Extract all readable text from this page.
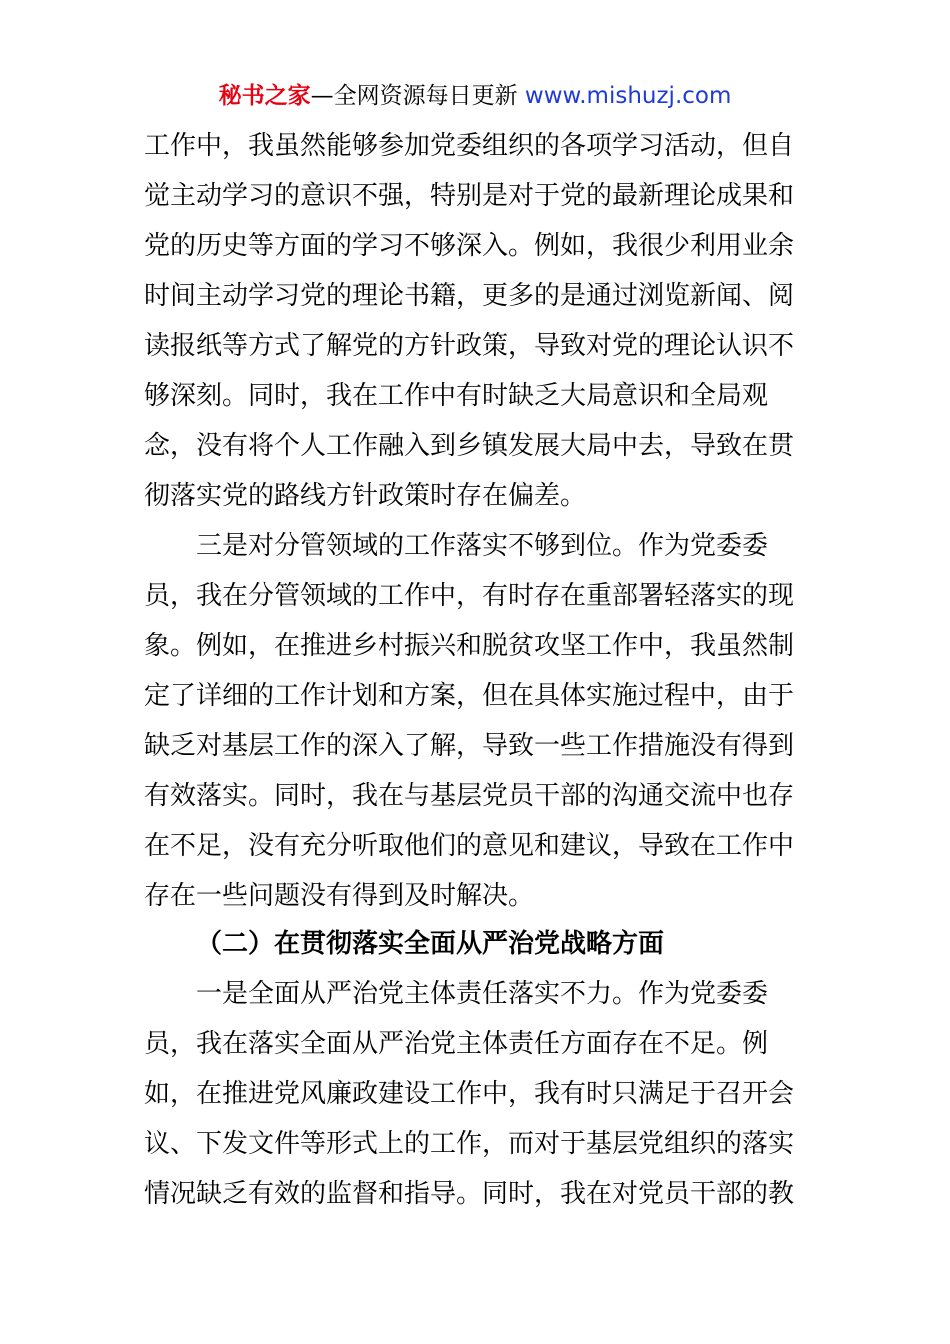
秘书之家—全网资源每日更新 www.mishuzj.com
工作中，我虽然能够参加党委组织的各项学习活动，但自
觉主动学习的意识不强，特别是对于党的最新理论成果和
党的历史等方面的学习不够深入。例如，我很少利用业余
时间主动学习党的理论书籍，更多的是通过浏览新闻、阅
读报纸等方式了解党的方针政策，导致对党的理论认识不
够深刻。同时，我在工作中有时缺乏大局意识和全局观
念，没有将个人工作融入到乡镇发展大局中去，导致在贯
彻落实党的路线方针政策时存在偏差。
三是对分管领域的工作落实不够到位。作为党委委
员，我在分管领域的工作中，有时存在重部署轻落实的现
象。例如，在推进乡村振兴和脱贫攻坚工作中，我虽然制
定了详细的工作计划和方案，但在具体实施过程中，由于
缺乏对基层工作的深入了解，导致一些工作措施没有得到
有效落实。同时，我在与基层党员干部的沟通交流中也存
在不足，没有充分听取他们的意见和建议，导致在工作中
存在一些问题没有得到及时解决。
（二）在贯彻落实全面从严治党战略方面
一是全面从严治党主体责任落实不力。作为党委委
员，我在落实全面从严治党主体责任方面存在不足。例
如，在推进党风廉政建设工作中，我有时只满足于召开会
议、下发文件等形式上的工作，而对于基层党组织的落实
情况缺乏有效的监督和指导。同时，我在对党员干部的教
